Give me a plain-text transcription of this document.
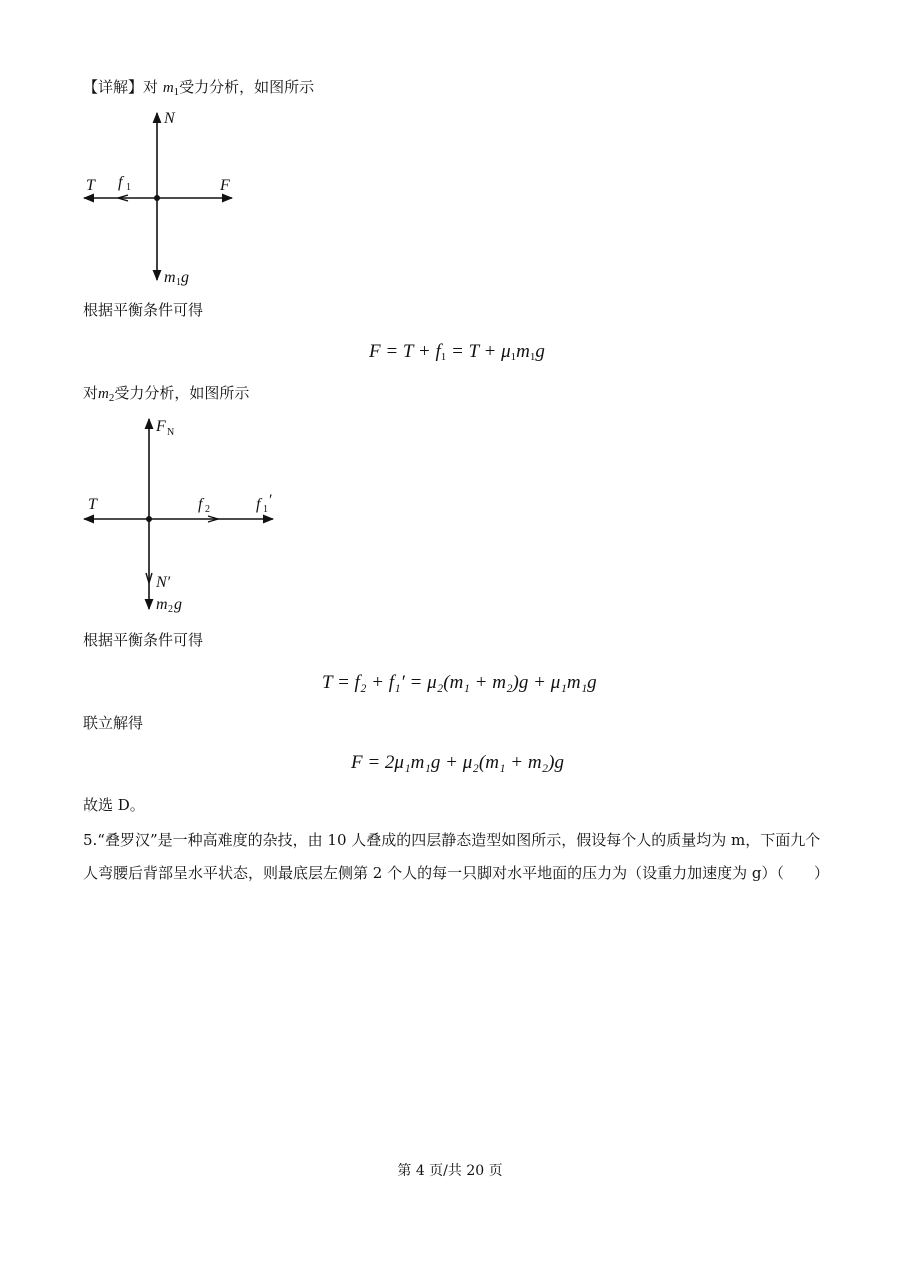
【详解】对 $m_1$受力分析，如图所示
N
T f 1	F
m 1 g
根据平衡条件可得
$F = T + f_1 = T + \mu_1m_1g$
对$m_2$受力分析，如图所示
F N
T	f 2	f 1
′
N′
m 2 g
根据平衡条件可得
T = f₂ + f₁′ = μ₂(m₁ + m₂)g + μ₁m₁g
联立解得
F = 2μ₁m₁g + μ₂(m₁ + m₂)g
故选 D。
5.“叠罗汉”是一种高难度的杂技，由 10 人叠成的四层静态造型如图所示，假设每个人的质量均为 m，下面九个人弯腰后背部呈水平状态，则最底层左侧第 2 个人的每一只脚对水平地面的压力为（设重力加速度为 g）（　　）
第 4 页/共 20 页
